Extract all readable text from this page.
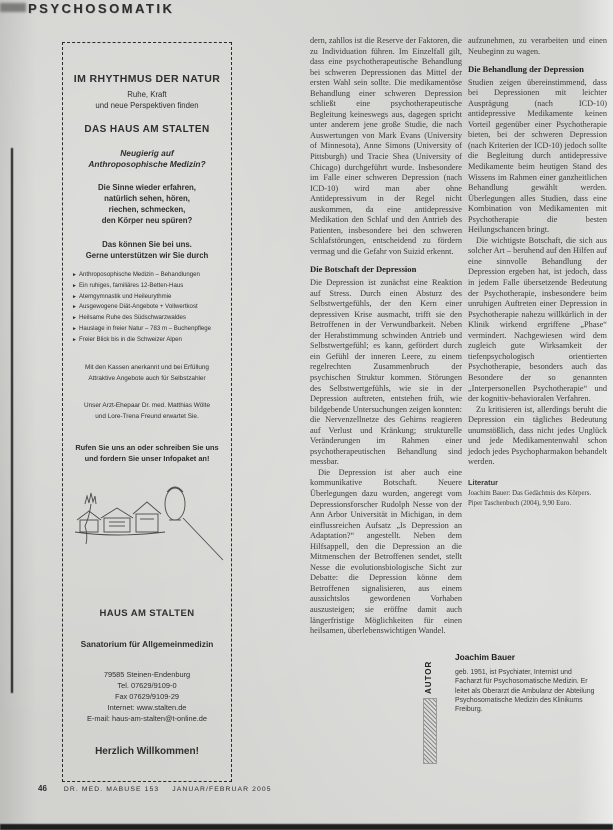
PSYCHOSOMATIK
IM RHYTHMUS DER NATUR
Ruhe, Kraft
und neue Perspektiven finden
DAS HAUS AM STALTEN
Neugierig auf
Anthroposophische Medizin?
Die Sinne wieder erfahren,
natürlich sehen, hören,
riechen, schmecken,
den Körper neu spüren?
Das können Sie bei uns.
Gerne unterstützen wir Sie durch
► Anthroposophische Medizin – Behandlungen
► Ein ruhiges, familiäres 12-Betten-Haus
► Atemgymnastik und Heileurythmie
► Ausgewogene Diät-Angebote + Vollwertkost
► Heilsame Ruhe des Südschwarzwaldes
► Hauslage in freier Natur – 783 m – Buchenpflege
► Freier Blick bis in die Schweizer Alpen
Mit den Kassen anerkannt und bei Erfüllung
Attraktive Angebote auch für Selbstzahler
Unser Arzt-Ehepaar Dr. med. Matthias Wölte
und Lore-Trena Freund erwartet Sie.
Rufen Sie uns an oder schreiben Sie uns
und fordern Sie unser Infopaket an!
HAUS AM STALTEN
Sanatorium für Allgemeinmedizin
79585 Steinen-Endenburg
Tel. 07629/9109-0
Fax 07629/9109-29
Internet: www.stalten.de
E-mail: haus-am-stalten@t-online.de
Herzlich Willkommen!

dern, zahllos ist die Reserve der Faktoren, die zu Individuation führen. Im Einzelfall gilt, dass eine psychotherapeutische Behandlung bei schweren Depressionen das Mittel der ersten Wahl sein sollte. Die medikamentöse Behandlung einer schweren Depression schließt eine psychotherapeutische Begleitung keineswegs aus, dagegen spricht unter anderem jene große Studie, die nach Auswertungen von Mark Evans (University of Minnesota), Anne Simons (University of Pittsburgh) und Tracie Shea (University of Chicago) durchgeführt wurde. Insbesondere im Falle einer schweren Depression (nach ICD-10) wird man aber ohne Antidepressivum in der Regel nicht auskommen, da eine antidepressive Medikation den Schlaf und den Antrieb des Patienten, insbesondere bei den schweren Schlafstörungen, entscheidend zu fördern vermag und die Gefahr von Suizid erkennt.

Die Botschaft der Depression

Die Depression ist zunächst eine Reaktion auf Stress. Durch einen Absturz des Selbstwertgefühls, der den Kern einer depressiven Krise ausmacht, trifft sie den Betroffenen in der Verwundbarkeit. Neben der Herabstimmung schwinden Antrieb und Selbstwertgefühl; es kann, gefördert durch ein Gefühl der inneren Leere, zu einem regelrechten Zusammenbruch der psychischen Struktur kommen. Störungen des Selbstwertgefühls, wie sie in der Depression auftreten, entstehen früh, wie bildgebende Untersuchungen zeigen konnten: die Nervenzellnetze des Gehirns reagieren auf Verlust und Kränkung; strukturelle Veränderungen im Rahmen einer psychotherapeutischen Behandlung sind messbar.

Die Depression ist aber auch eine kommunikative Botschaft. Neuere Überlegungen dazu wurden, angeregt vom Depressionsforscher Rudolph Nesse von der Ann Arbor Universität in Michigan, in dem einflussreichen Aufsatz „Is Depression an Adaptation?“ angestellt. Neben dem Hilfsappell, den die Depression an die Mitmenschen der Betroffenen sendet, stellt Nesse die evolutionsbiologische Sicht zur Debatte: die Depression könne dem Betroffenen signalisieren, aus einem aussichtslos gewordenen Vorhaben auszusteigen; sie eröffne damit auch längerfristige Möglichkeiten für einen heilsamen, überlebenswichtigen Wandel.

aufzunehmen, zu verarbeiten und einen Neubeginn zu wagen.

Die Behandlung der Depression

Studien zeigen übereinstimmend, dass bei Depressionen mit leichter Ausprägung (nach ICD-10) antidepressive Medikamente keinen Vorteil gegenüber einer Psychotherapie bieten, bei der schweren Depression (nach Kriterien der ICD-10) jedoch sollte die Begleitung durch antidepressive Medikamente beim heutigen Stand des Wissens im Rahmen einer ganzheitlichen Behandlung gewählt werden. Überlegungen alles Studien, dass eine Kombination von Medikamenten mit Psychotherapie die besten Heilungschancen bringt.

Die wichtigste Botschaft, die sich aus solcher Art – beruhend auf den Hilfen auf eine sinnvolle Behandlung der Depression ergeben hat, ist jedoch, dass in jedem Falle übersetzende Bedeutung der Psychotherapie, insbesondere beim unruhigen Auftreten einer Depression in Psychotherapie nahezu willkürlich in der Klinik wirkend ergriffene „Phase“ vermindert. Nachgewiesen wird dem zugleich gute Wirksamkeit der tiefenpsychologisch orientierten Psychotherapie, besonders auch das Besondere der so genannten „Interpersonellen Psychotherapie“ und der kognitiv-behavioralen Verfahren.

Zu kritisieren ist, allerdings beruht die Depression ein tägliches Bedeutung unumstößlich, dass nicht jedes Unglück und jede Medikamentenwahl schon jedoch jedes Psychopharmakon behandelt werden.

Literatur

Joachim Bauer: Das Gedächtnis des Körpers. Piper Taschenbuch (2004), 9,90 Euro.

AUTOR
Joachim Bauer
geb. 1951, ist Psychiater, Internist und Facharzt für Psychosomatische Medizin. Er leitet als Oberarzt die Ambulanz der Abteilung Psychosomatische Medizin des Klinikums Freiburg.
46	DR. MED. MABUSE 153 JANUAR/FEBRUAR 2005
